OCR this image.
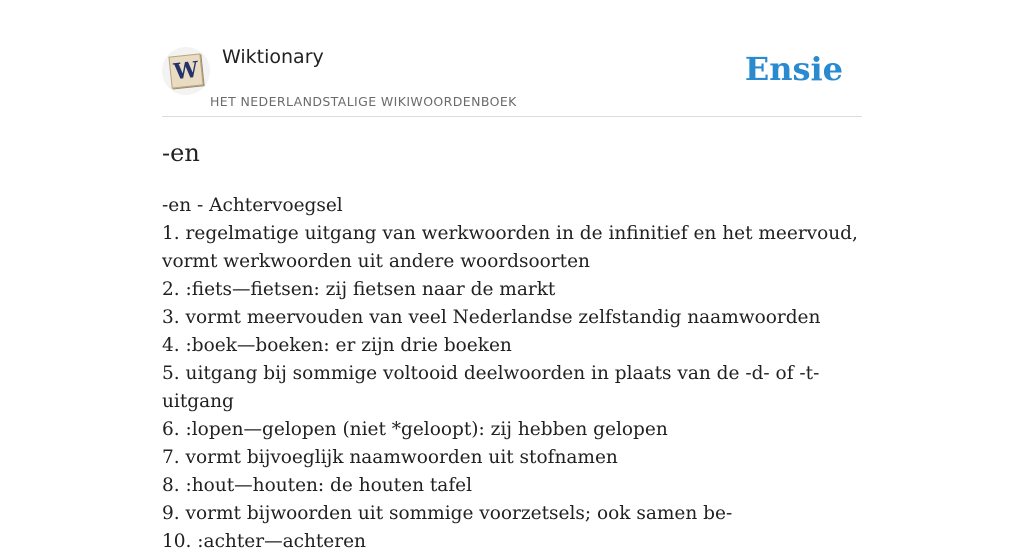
W Wiktionary
HET NEDERLANDSTALIGE WIKIWOORDENBOEK
Ensie
-en
-en - Achtervoegsel
1. regelmatige uitgang van werkwoorden in de infinitief en het meervoud, vormt werkwoorden uit andere woordsoorten
2. :fiets—fietsen: zij fietsen naar de markt
3. vormt meervouden van veel Nederlandse zelfstandig naamwoorden
4. :boek—boeken: er zijn drie boeken
5. uitgang bij sommige voltooid deelwoorden in plaats van de -d- of -t-uitgang
6. :lopen—gelopen (niet *geloopt): zij hebben gelopen
7. vormt bijvoeglijk naamwoorden uit stofnamen
8. :hout—houten: de houten tafel
9. vormt bijwoorden uit sommige voorzetsels; ook samen be-
10. :achter—achteren
